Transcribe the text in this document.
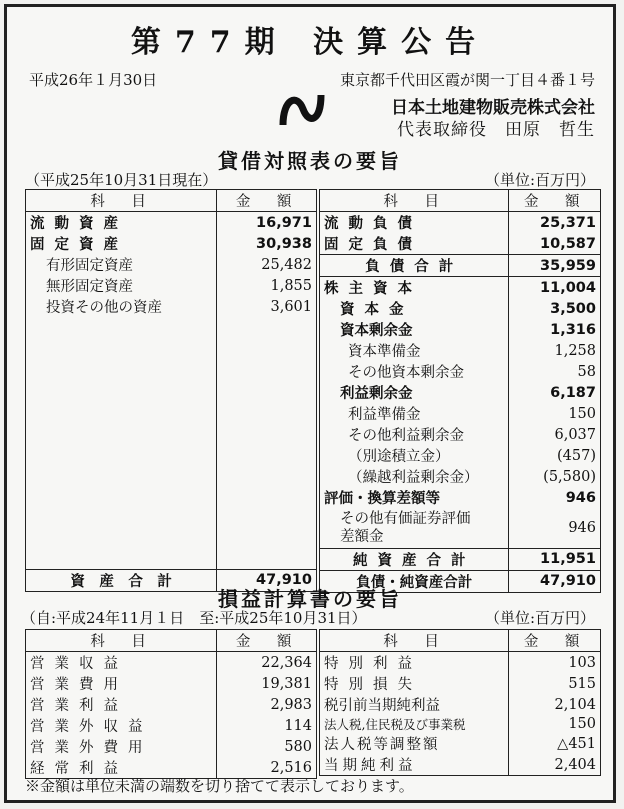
第77期 決算公告
平成26年１月30日	東京都千代田区霞が関一丁目４番１号
日本土地建物販売株式会社
代表取締役　田原　哲生
貸借対照表の要旨
（平成25年10月31日現在）	（単位:百万円）
科　目	金　額
流動資産	16,971
固定資産	30,938
有形固定資産	25,482
無形固定資産	1,855
投資その他の資産	3,601

資　産　合　計	47,910
科　目	金　額
流動負債	25,371
固定負債	10,587
負債合計	35,959
株主資本	11,004
資本金	3,500
資本剰余金	1,316
資本準備金	1,258
その他資本剰余金	58
利益剰余金	6,187
利益準備金	150
その他利益剰余金	6,037
（別途積立金）	(457)
（繰越利益剰余金）	(5,580)
評価・換算差額等	946
その他有価証券評価差額金	946
純資産合計	11,951
負債・純資産合計	47,910
損益計算書の要旨
（自:平成24年11月１日　至:平成25年10月31日）	（単位:百万円）
科　目	金　額
営業収益	22,364
営業費用	19,381
営業利益	2,983
営業外収益	114
営業外費用	580
経常利益	2,516
科　目	金　額
特別利益	103
特別損失	515
税引前当期純利益	2,104
法人税,住民税及び事業税	150
法人税等調整額	△451
当期純利益	2,404
※金額は単位未満の端数を切り捨てて表示しております。
